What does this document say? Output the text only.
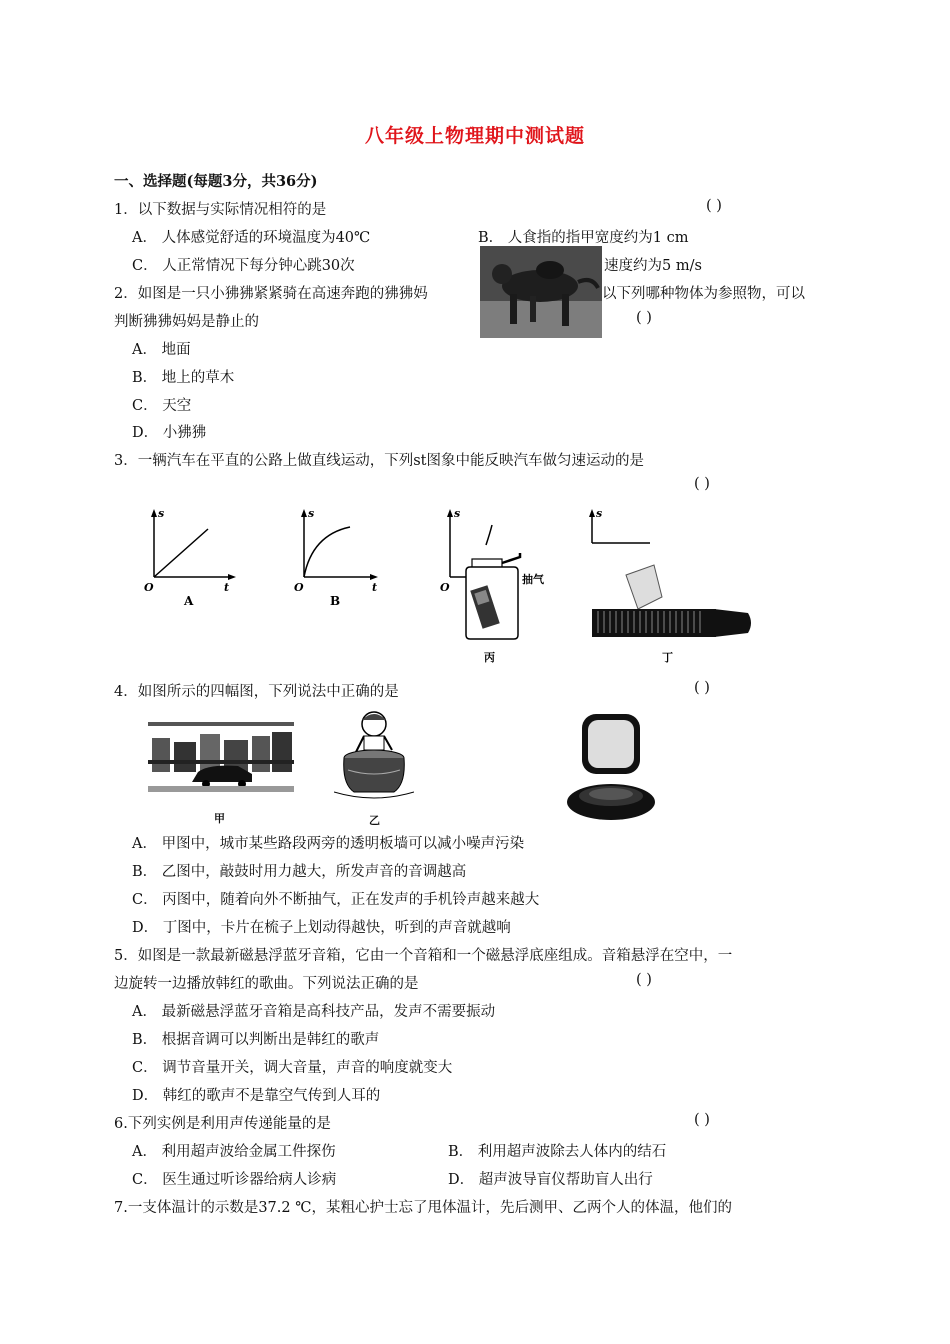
八年级上物理期中测试题
一、选择题(每题3分，共36分)
1．以下数据与实际情况相符的是	( )
A． 人体感觉舒适的环境温度为40℃	B． 人食指的指甲宽度约为1 cm
C． 人正常情况下每分钟心跳30次	速度约为5 m/s
2．如图是一只小狒狒紧紧骑在高速奔跑的狒狒妈	以下列哪种物体为参照物，可以
判断狒狒妈妈是静止的	( )
A． 地面
B． 地上的草木
C． 天空
D． 小狒狒
3．一辆汽车在平直的公路上做直线运动，下列st图象中能反映汽车做匀速运动的是
( )
s
t
O
A
s
t
O
B
s
O
抽气
丙
s
丁
4．如图所示的四幅图，下列说法中正确的是	( )
甲	乙
A． 甲图中，城市某些路段两旁的透明板墙可以减小噪声污染
B． 乙图中，敲鼓时用力越大，所发声音的音调越高
C． 丙图中，随着向外不断抽气，正在发声的手机铃声越来越大
D． 丁图中，卡片在梳子上划动得越快，听到的声音就越响
5．如图是一款最新磁悬浮蓝牙音箱，它由一个音箱和一个磁悬浮底座组成。音箱悬浮在空中，一
边旋转一边播放韩红的歌曲。下列说法正确的是	( )
A． 最新磁悬浮蓝牙音箱是高科技产品，发声不需要振动
B． 根据音调可以判断出是韩红的歌声
C． 调节音量开关，调大音量，声音的响度就变大
D． 韩红的歌声不是靠空气传到人耳的
6.下列实例是利用声传递能量的是	( )
A． 利用超声波给金属工件探伤	B． 利用超声波除去人体内的结石
C． 医生通过听诊器给病人诊病	D． 超声波导盲仪帮助盲人出行
7.一支体温计的示数是37.2 ℃，某粗心护士忘了甩体温计，先后测甲、乙两个人的体温，他们的
